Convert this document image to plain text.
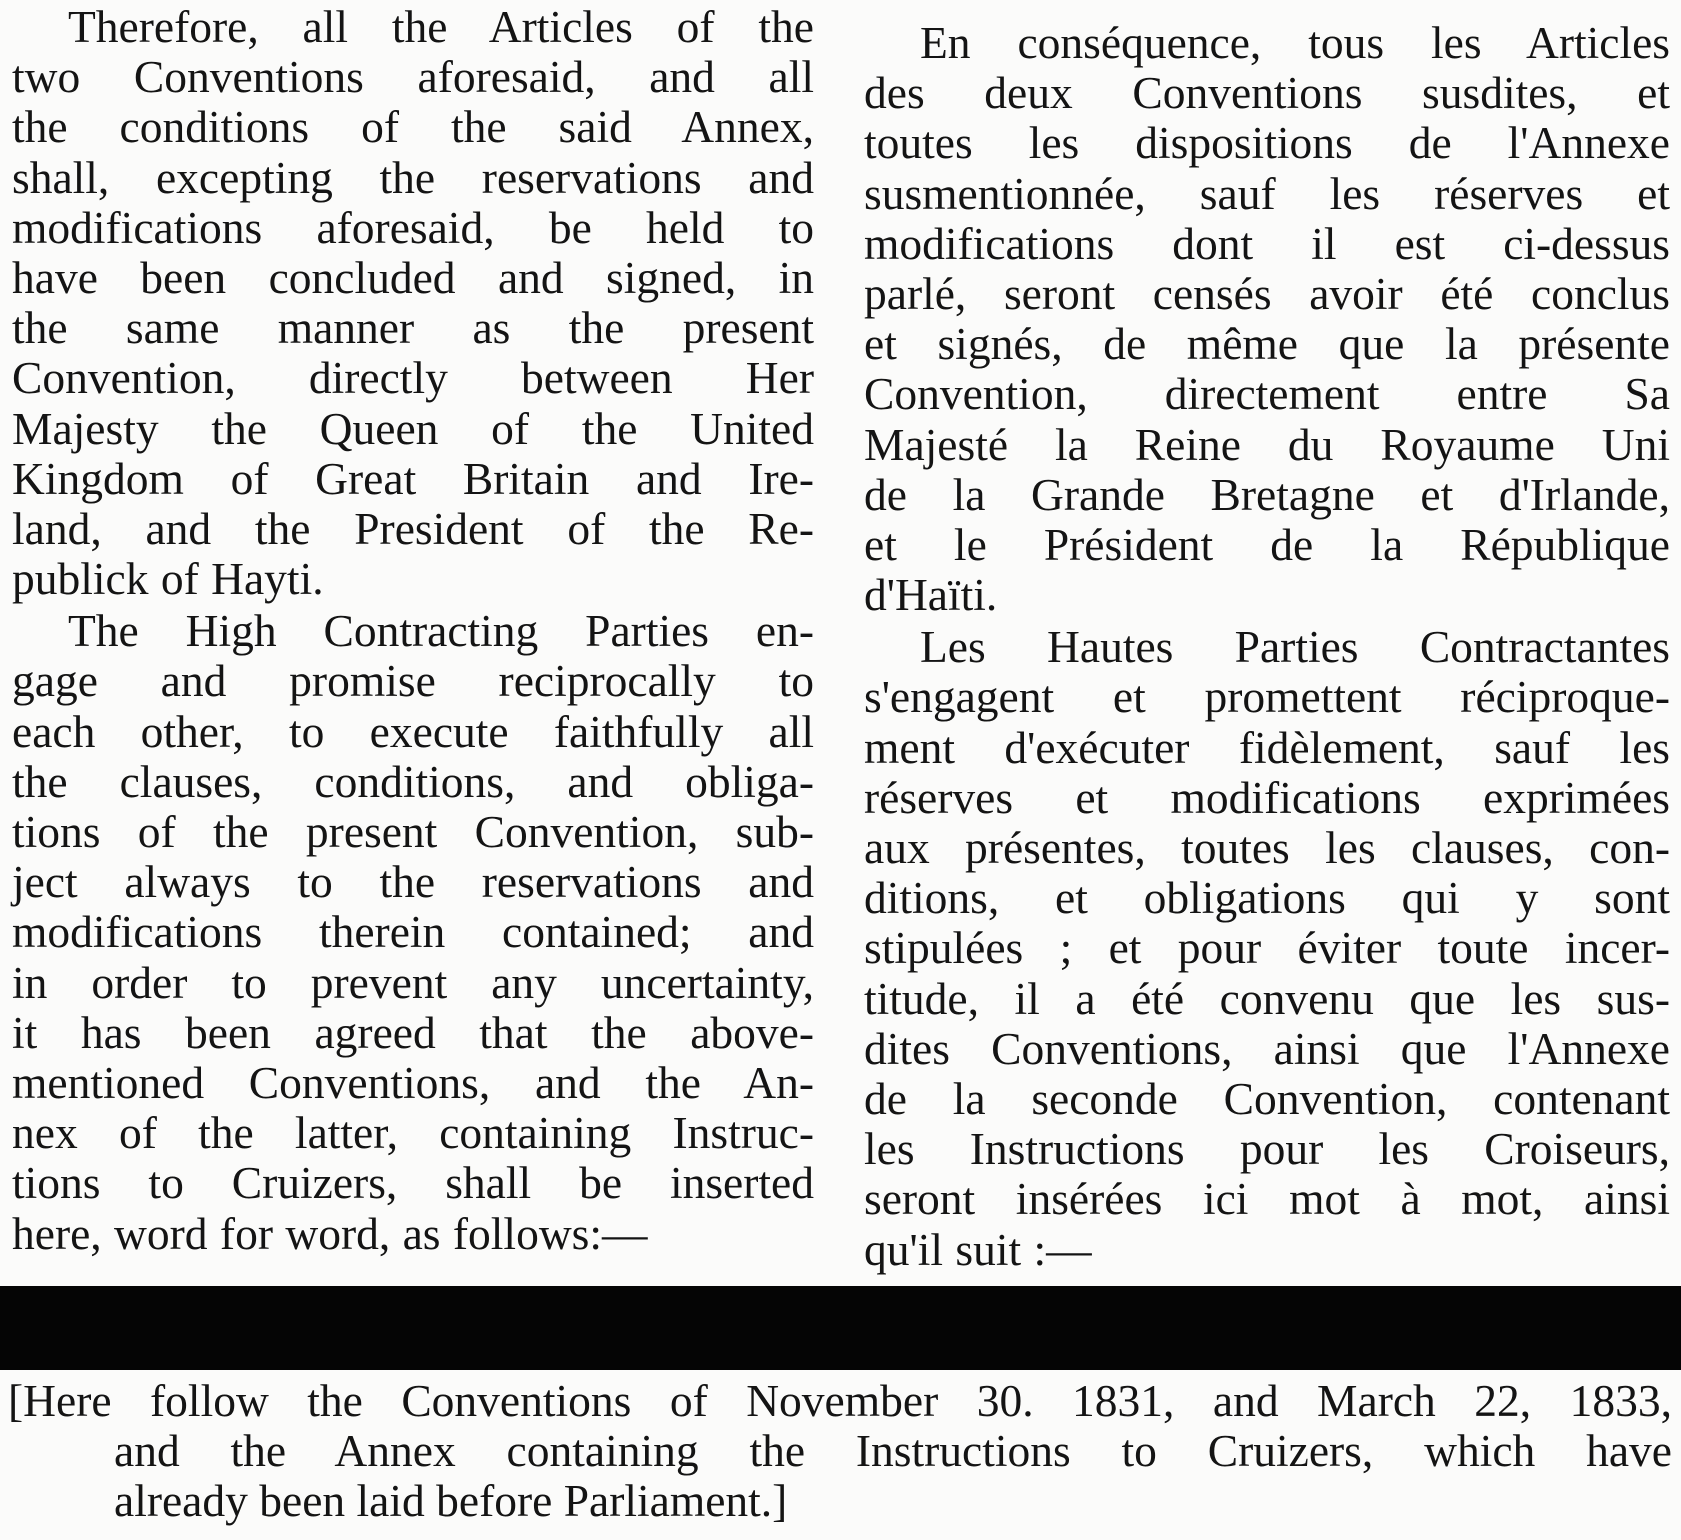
Therefore, all the Articles of the
two Conventions aforesaid, and all
the conditions of the said Annex,
shall, excepting the reservations and
modifications aforesaid, be held to
have been concluded and signed, in
the same manner as the present
Convention, directly between Her
Majesty the Queen of the United
Kingdom of Great Britain and Ire-
land, and the President of the Re-
publick of Hayti.
The High Contracting Parties en-
gage and promise reciprocally to
each other, to execute faithfully all
the clauses, conditions, and obliga-
tions of the present Convention, sub-
ject always to the reservations and
modifications therein contained; and
in order to prevent any uncertainty,
it has been agreed that the above-
mentioned Conventions, and the An-
nex of the latter, containing Instruc-
tions to Cruizers, shall be inserted
here, word for word, as follows:—
En conséquence, tous les Articles
des deux Conventions susdites, et
toutes les dispositions de l'Annexe
susmentionnée, sauf les réserves et
modifications dont il est ci-dessus
parlé, seront censés avoir été conclus
et signés, de même que la présente
Convention, directement entre Sa
Majesté la Reine du Royaume Uni
de la Grande Bretagne et d'Irlande,
et le Président de la République
d'Haïti.
Les Hautes Parties Contractantes
s'engagent et promettent réciproque-
ment d'exécuter fidèlement, sauf les
réserves et modifications exprimées
aux présentes, toutes les clauses, con-
ditions, et obligations qui y sont
stipulées ; et pour éviter toute incer-
titude, il a été convenu que les sus-
dites Conventions, ainsi que l'Annexe
de la seconde Convention, contenant
les Instructions pour les Croiseurs,
seront insérées ici mot à mot, ainsi
qu'il suit :—
[Here follow the Conventions of November 30. 1831, and March 22, 1833,
and the Annex containing the Instructions to Cruizers, which have
already been laid before Parliament.]
